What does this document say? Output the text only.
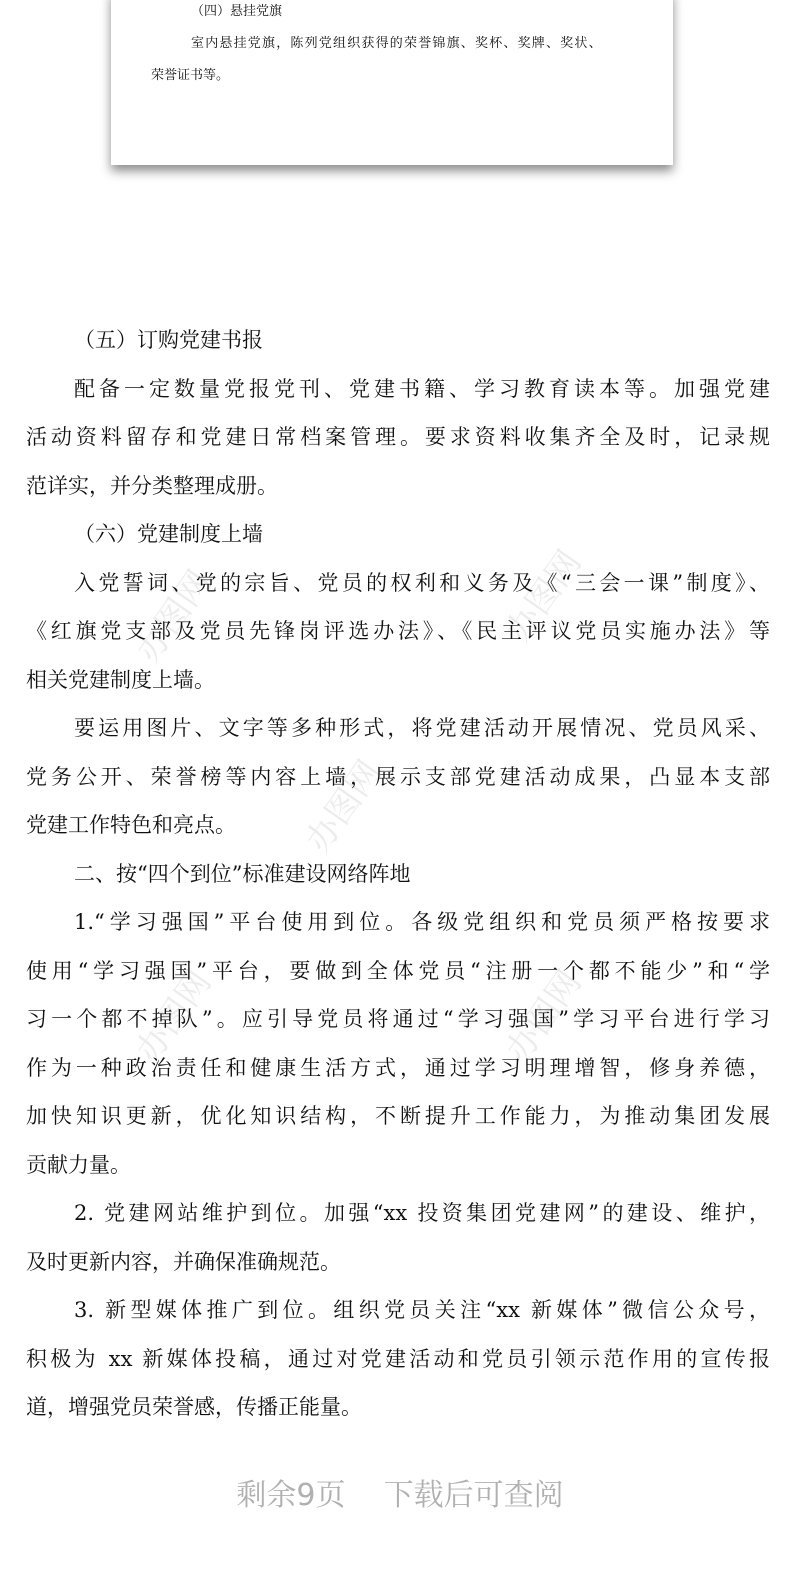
（四）悬挂党旗
室内悬挂党旗，陈列党组织获得的荣誉锦旗、奖杯、奖牌、奖状、
荣誉证书等。
办图网	办图网
办图网
办图网	办图网
（五）订购党建书报
配备一定数量党报党刊、党建书籍、学习教育读本等。加强党建
活动资料留存和党建日常档案管理。要求资料收集齐全及时，记录规
范详实，并分类整理成册。
（六）党建制度上墙
入党誓词、党的宗旨、党员的权利和义务及《“三会一课”制度》、
《红旗党支部及党员先锋岗评选办法》、《民主评议党员实施办法》等
相关党建制度上墙。
要运用图片、文字等多种形式，将党建活动开展情况、党员风采、
党务公开、荣誉榜等内容上墙，展示支部党建活动成果，凸显本支部
党建工作特色和亮点。
二、按“四个到位”标准建设网络阵地
1.“学习强国”平台使用到位。各级党组织和党员须严格按要求
使用“学习强国”平台，要做到全体党员“注册一个都不能少”和“学
习一个都不掉队”。应引导党员将通过“学习强国”学习平台进行学习
作为一种政治责任和健康生活方式，通过学习明理增智，修身养德，
加快知识更新，优化知识结构，不断提升工作能力，为推动集团发展
贡献力量。
2. 党建网站维护到位。加强“xx 投资集团党建网”的建设、维护，
及时更新内容，并确保准确规范。
3. 新型媒体推广到位。组织党员关注“xx 新媒体”微信公众号，
积极为 xx 新媒体投稿，通过对党建活动和党员引领示范作用的宣传报
道，增强党员荣誉感，传播正能量。
剩余9页 下载后可查阅
